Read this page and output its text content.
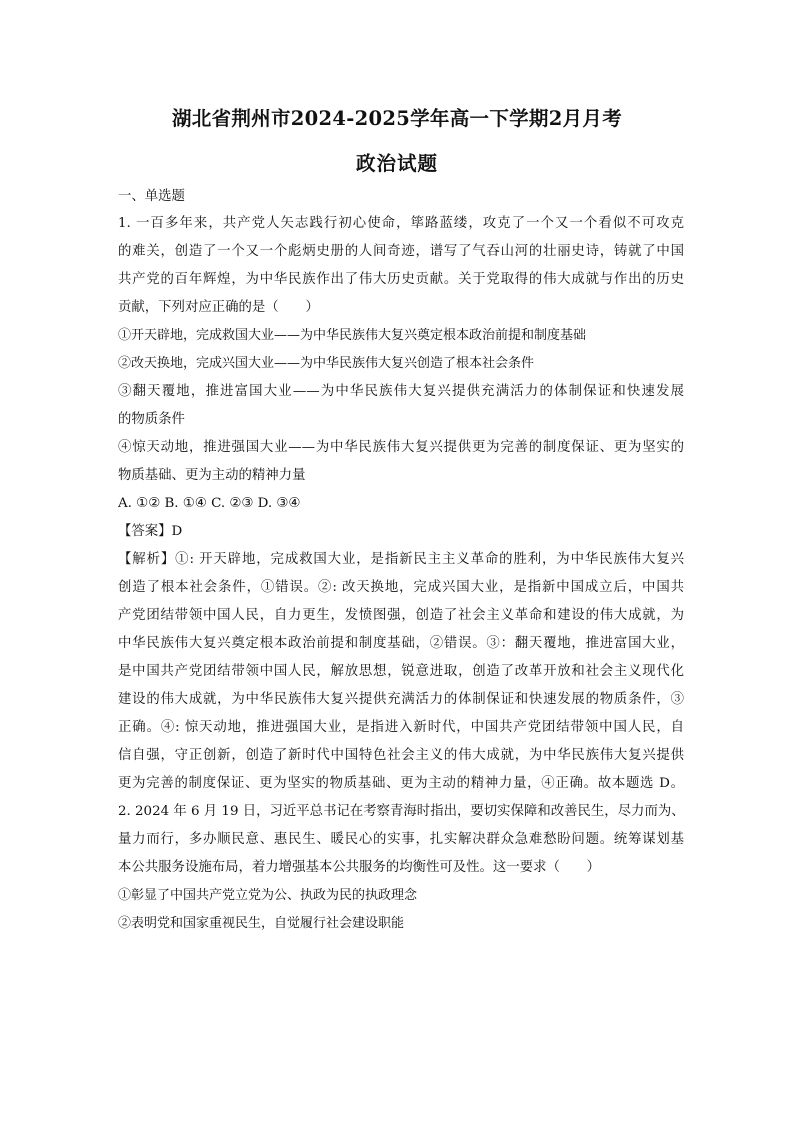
湖北省荆州市2024-2025学年高一下学期2月月考
政治试题
一、单选题
1. 一百多年来，共产党人矢志践行初心使命，筚路蓝缕，攻克了一个又一个看似不可攻克
的难关，创造了一个又一个彪炳史册的人间奇迹，谱写了气吞山河的壮丽史诗，铸就了中国
共产党的百年辉煌，为中华民族作出了伟大历史贡献。关于党取得的伟大成就与作出的历史
贡献，下列对应正确的是（　　）
①开天辟地，完成救国大业——为中华民族伟大复兴奠定根本政治前提和制度基础
②改天换地，完成兴国大业——为中华民族伟大复兴创造了根本社会条件
③翻天覆地，推进富国大业——为中华民族伟大复兴提供充满活力的体制保证和快速发展
的物质条件
④惊天动地，推进强国大业——为中华民族伟大复兴提供更为完善的制度保证、更为坚实的
物质基础、更为主动的精神力量
A. ①② B. ①④ C. ②③ D. ③④
【答案】D
【解析】①: 开天辟地，完成救国大业，是指新民主主义革命的胜利，为中华民族伟大复兴
创造了根本社会条件，①错误。②: 改天换地，完成兴国大业，是指新中国成立后，中国共
产党团结带领中国人民，自力更生，发愤图强，创造了社会主义革命和建设的伟大成就，为
中华民族伟大复兴奠定根本政治前提和制度基础，②错误。③：翻天覆地，推进富国大业，
是中国共产党团结带领中国人民，解放思想，锐意进取，创造了改革开放和社会主义现代化
建设的伟大成就，为中华民族伟大复兴提供充满活力的体制保证和快速发展的物质条件，③
正确。④: 惊天动地，推进强国大业，是指进入新时代，中国共产党团结带领中国人民，自
信自强，守正创新，创造了新时代中国特色社会主义的伟大成就，为中华民族伟大复兴提供
更为完善的制度保证、更为坚实的物质基础、更为主动的精神力量，④正确。故本题选 D。
2. 2024 年 6 月 19 日，习近平总书记在考察青海时指出，要切实保障和改善民生，尽力而为、
量力而行，多办顺民意、惠民生、暖民心的实事，扎实解决群众急难愁盼问题。统筹谋划基
本公共服务设施布局，着力增强基本公共服务的均衡性可及性。这一要求（　　）
①彰显了中国共产党立党为公、执政为民的执政理念
②表明党和国家重视民生，自觉履行社会建设职能
